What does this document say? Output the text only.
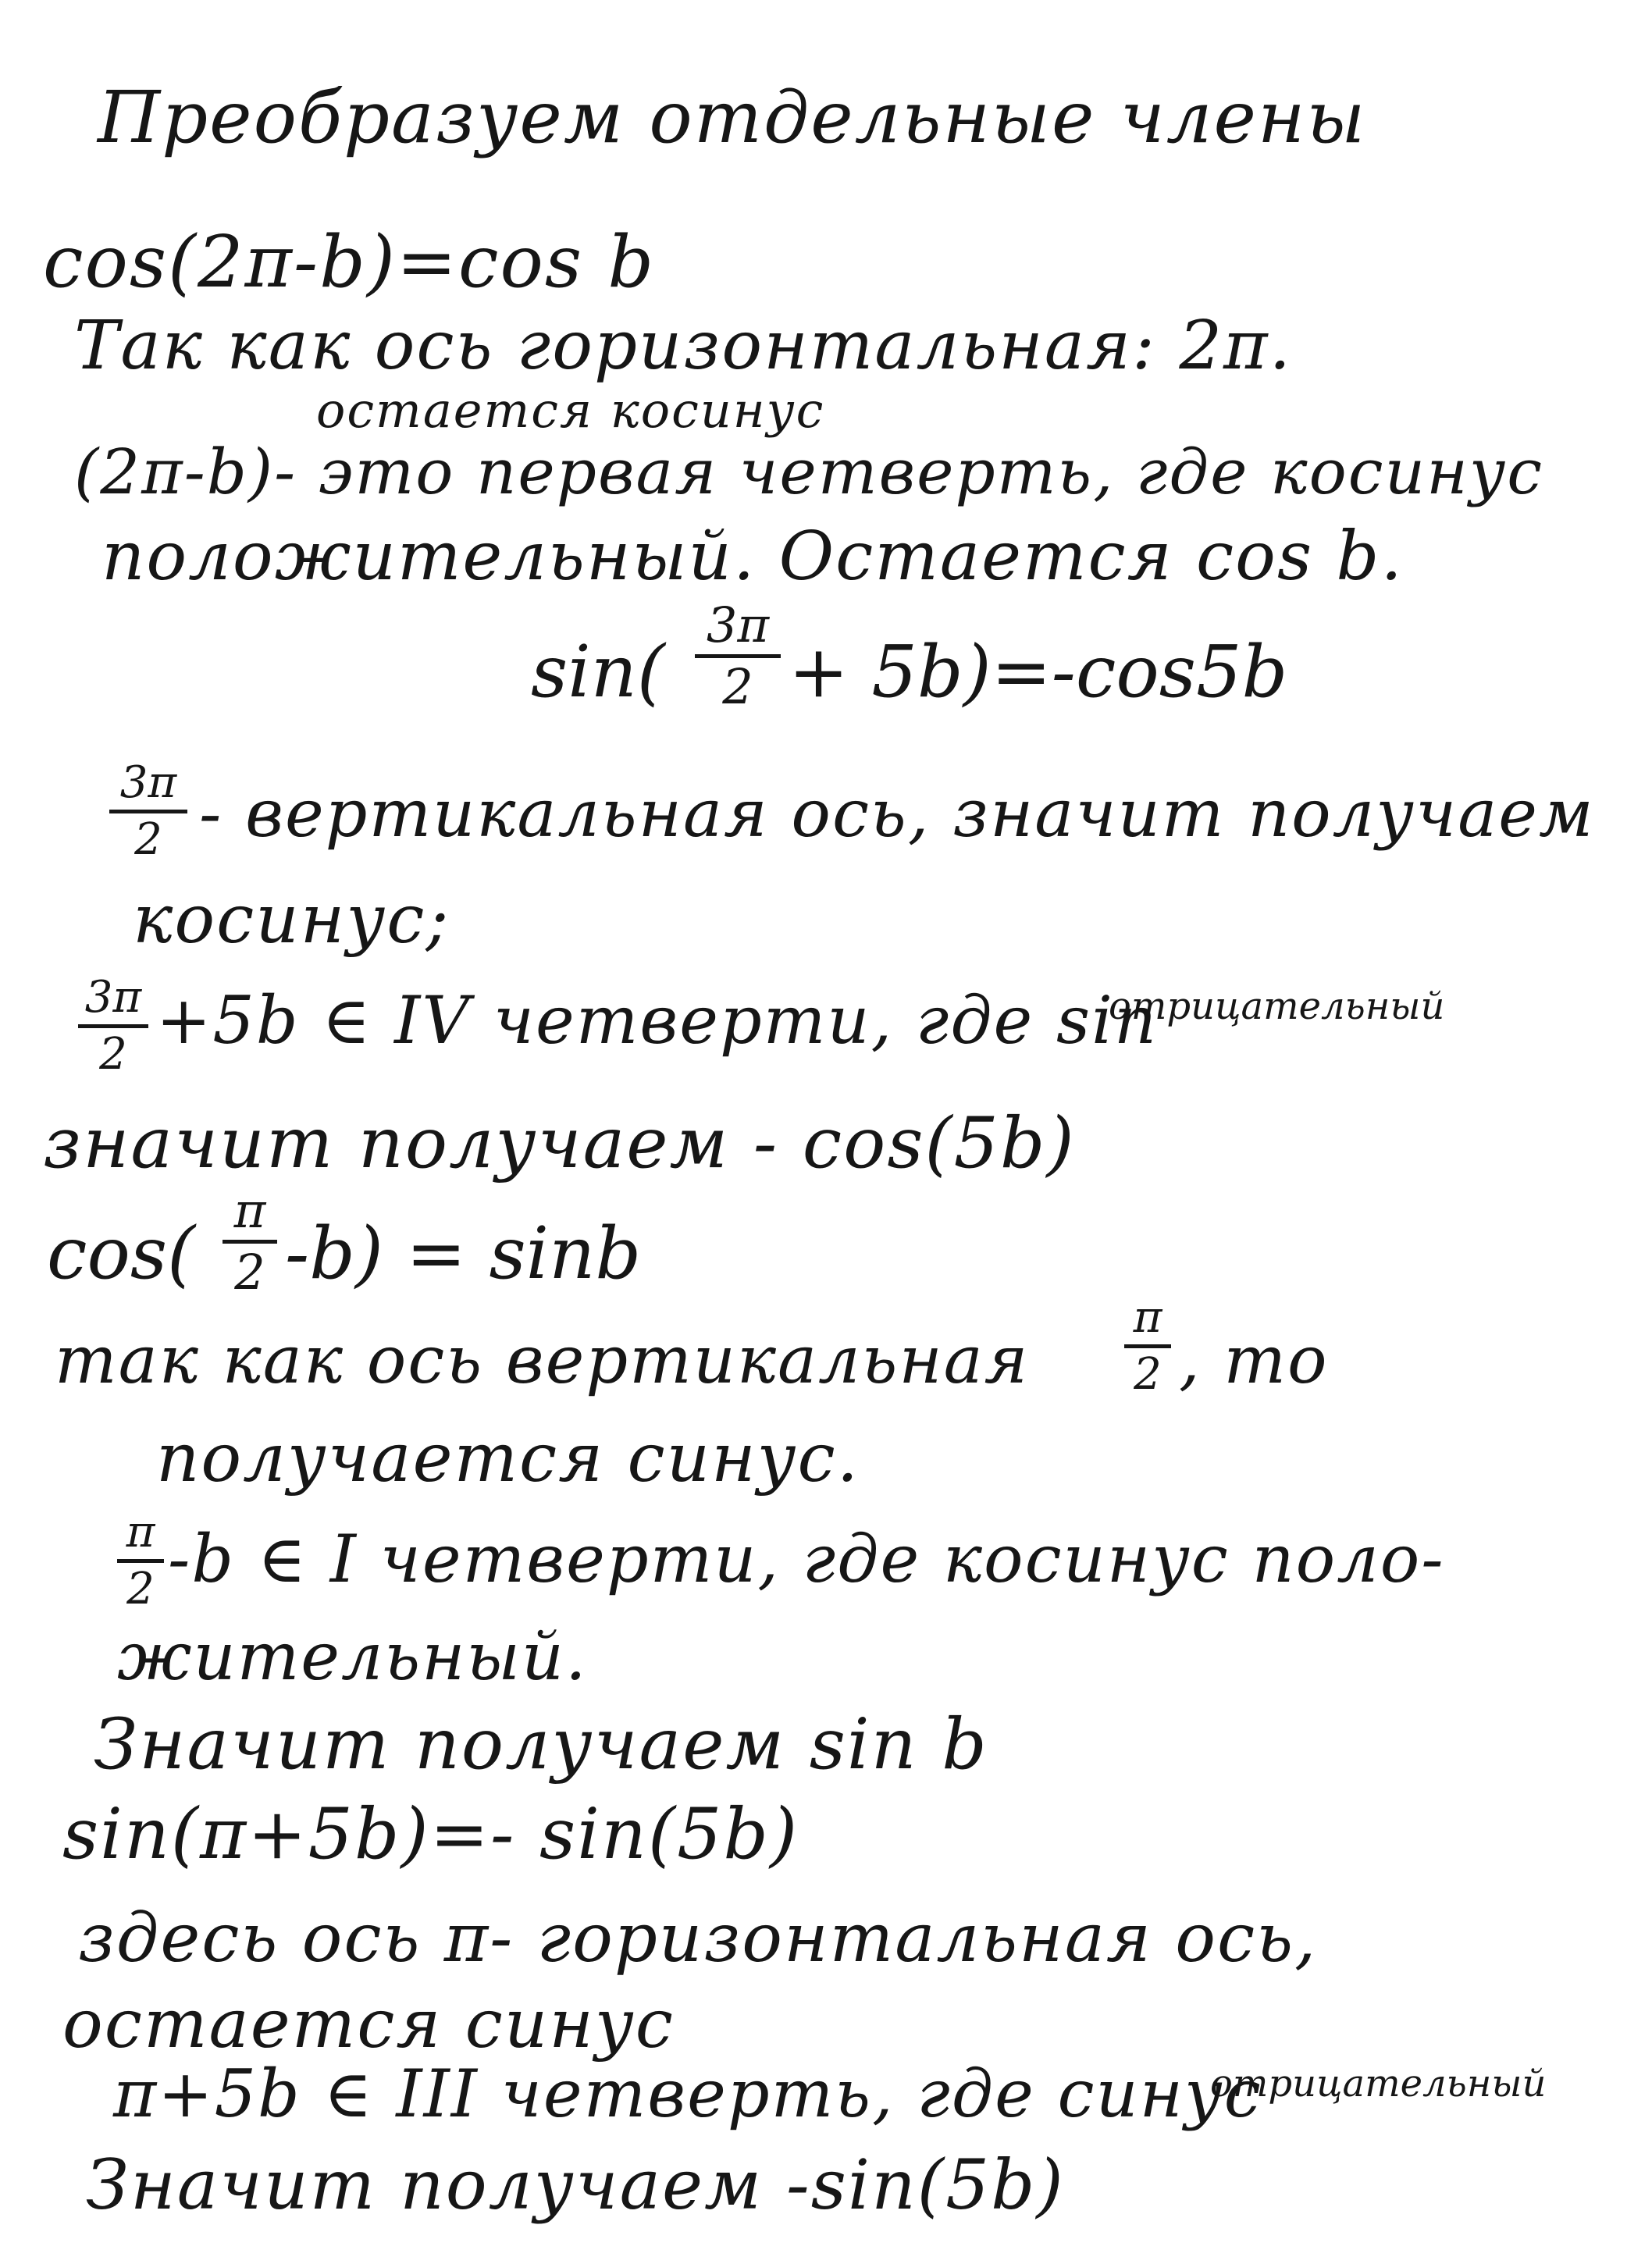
Преобразуем отдельные члены
cos(2π-b)=cos b
Так как ось горизонтальная: 2π.
остается косинус
(2π-b)- это первая четверть, где косинус
положительный. Остается cos b.
sin(
3π
2 + 5b)=-cos5b
3π
2 - вертикальная ось, значит получаем
косинус;
3π
2 +5b ∈ IV четверти, где sin
отрицательный
значит получаем - cos(5b)
cos(
π
2 -b) = sinb
так как ось вертикальная
π
2 , то
получается синус.
π
2 -b ∈ I четверти, где косинус поло-
жительный.
Значит получаем sin b
sin(π+5b)=- sin(5b)
здесь ось π- горизонтальная ось,
остается синус
π+5b ∈ III четверть, где синус
отрицательный
Значит получаем -sin(5b)
